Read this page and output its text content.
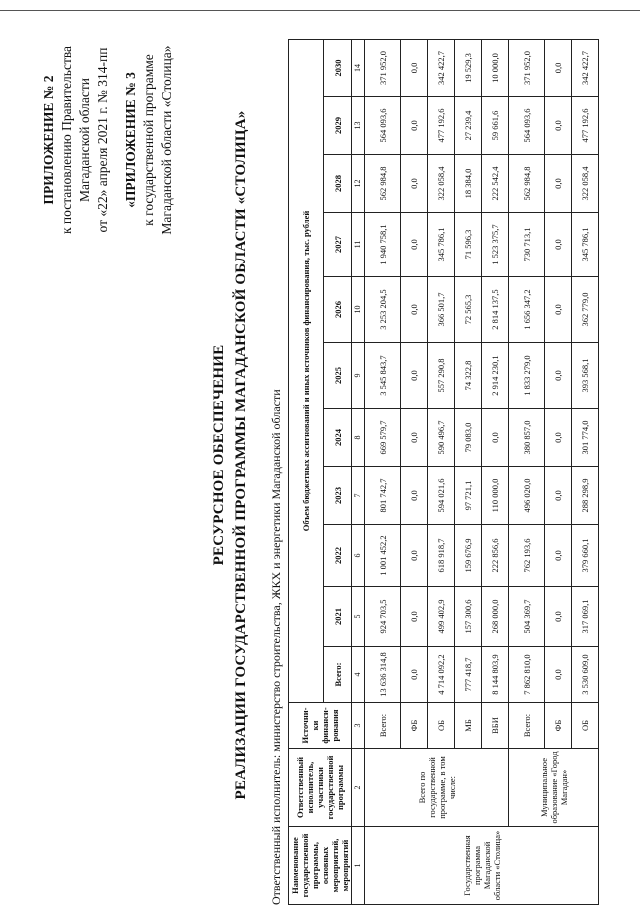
ПРИЛОЖЕНИЕ № 2 к постановлению Правительства Магаданской области от «22» апреля 2021 г. № 314-пп «ПРИЛОЖЕНИЕ № 3 к государственной программе Магаданской области «Столица»
РЕСУРСНОЕ ОБЕСПЕЧЕНИЕ РЕАЛИЗАЦИИ ГОСУДАРСТВЕННОЙ ПРОГРАММЫ МАГАДАНСКОЙ ОБЛАСТИ «СТОЛИЦА» Ответственный исполнитель: министерство строительства, ЖКХ и энергетики Магаданской области Наименование государственной программы, основных мероприятий, мероприятий	Ответственный исполнитель, участники государственной программы	Источни-ки финанси-рования	Объем бюджетных ассигнований и иных источников финансирования, тыс. рублей										
			Всего:	2021	2022	2023	2024	2025	2026	2027	2028	2029	2030
1	2	3	4	5	6	7	8	9	10	11	12	13	14
Государственная программа Магаданской области «Столица»	Всего по государственной программе, в том числе:	Всего:	13 636 314,8	924 703,5	1 001 452,2	801 742,7	669 579,7	3 545 843,7	3 253 204,5	1 940 758,1	562 984,8	564 093,6	371 952,0
		ФБ	0,0	0,0	0,0	0,0	0,0	0,0	0,0	0,0	0,0	0,0	0,0
		ОБ	4 714 092,2	499 402,9	618 918,7	594 021,6	590 496,7	557 290,8	366 501,7	345 786,1	322 058,4	477 192,6	342 422,7
		МБ	777 418,7	157 300,6	159 676,9	97 721,1	79 083,0	74 322,8	72 565,3	71 596,3	18 384,0	27 239,4	19 529,3
		ВБИ	8 144 803,9	268 000,0	222 856,6	110 000,0	0,0	2 914 230,1	2 814 137,5	1 523 375,7	222 542,4	59 661,6	10 000,0
	Муниципальное образование «Город Магадан»	Всего:	7 862 810,0	504 369,7	762 193,6	496 020,0	380 857,0	1 833 279,0	1 656 347,2	730 713,1	562 984,8	564 093,6	371 952,0
		ФБ	0,0	0,0	0,0	0,0	0,0	0,0	0,0	0,0	0,0	0,0	0,0
		ОБ	3 530 609,0	317 069,1	379 660,1	288 298,9	301 774,0	393 568,1	362 779,0	345 786,1	322 058,4	477 192,6	342 422,7
